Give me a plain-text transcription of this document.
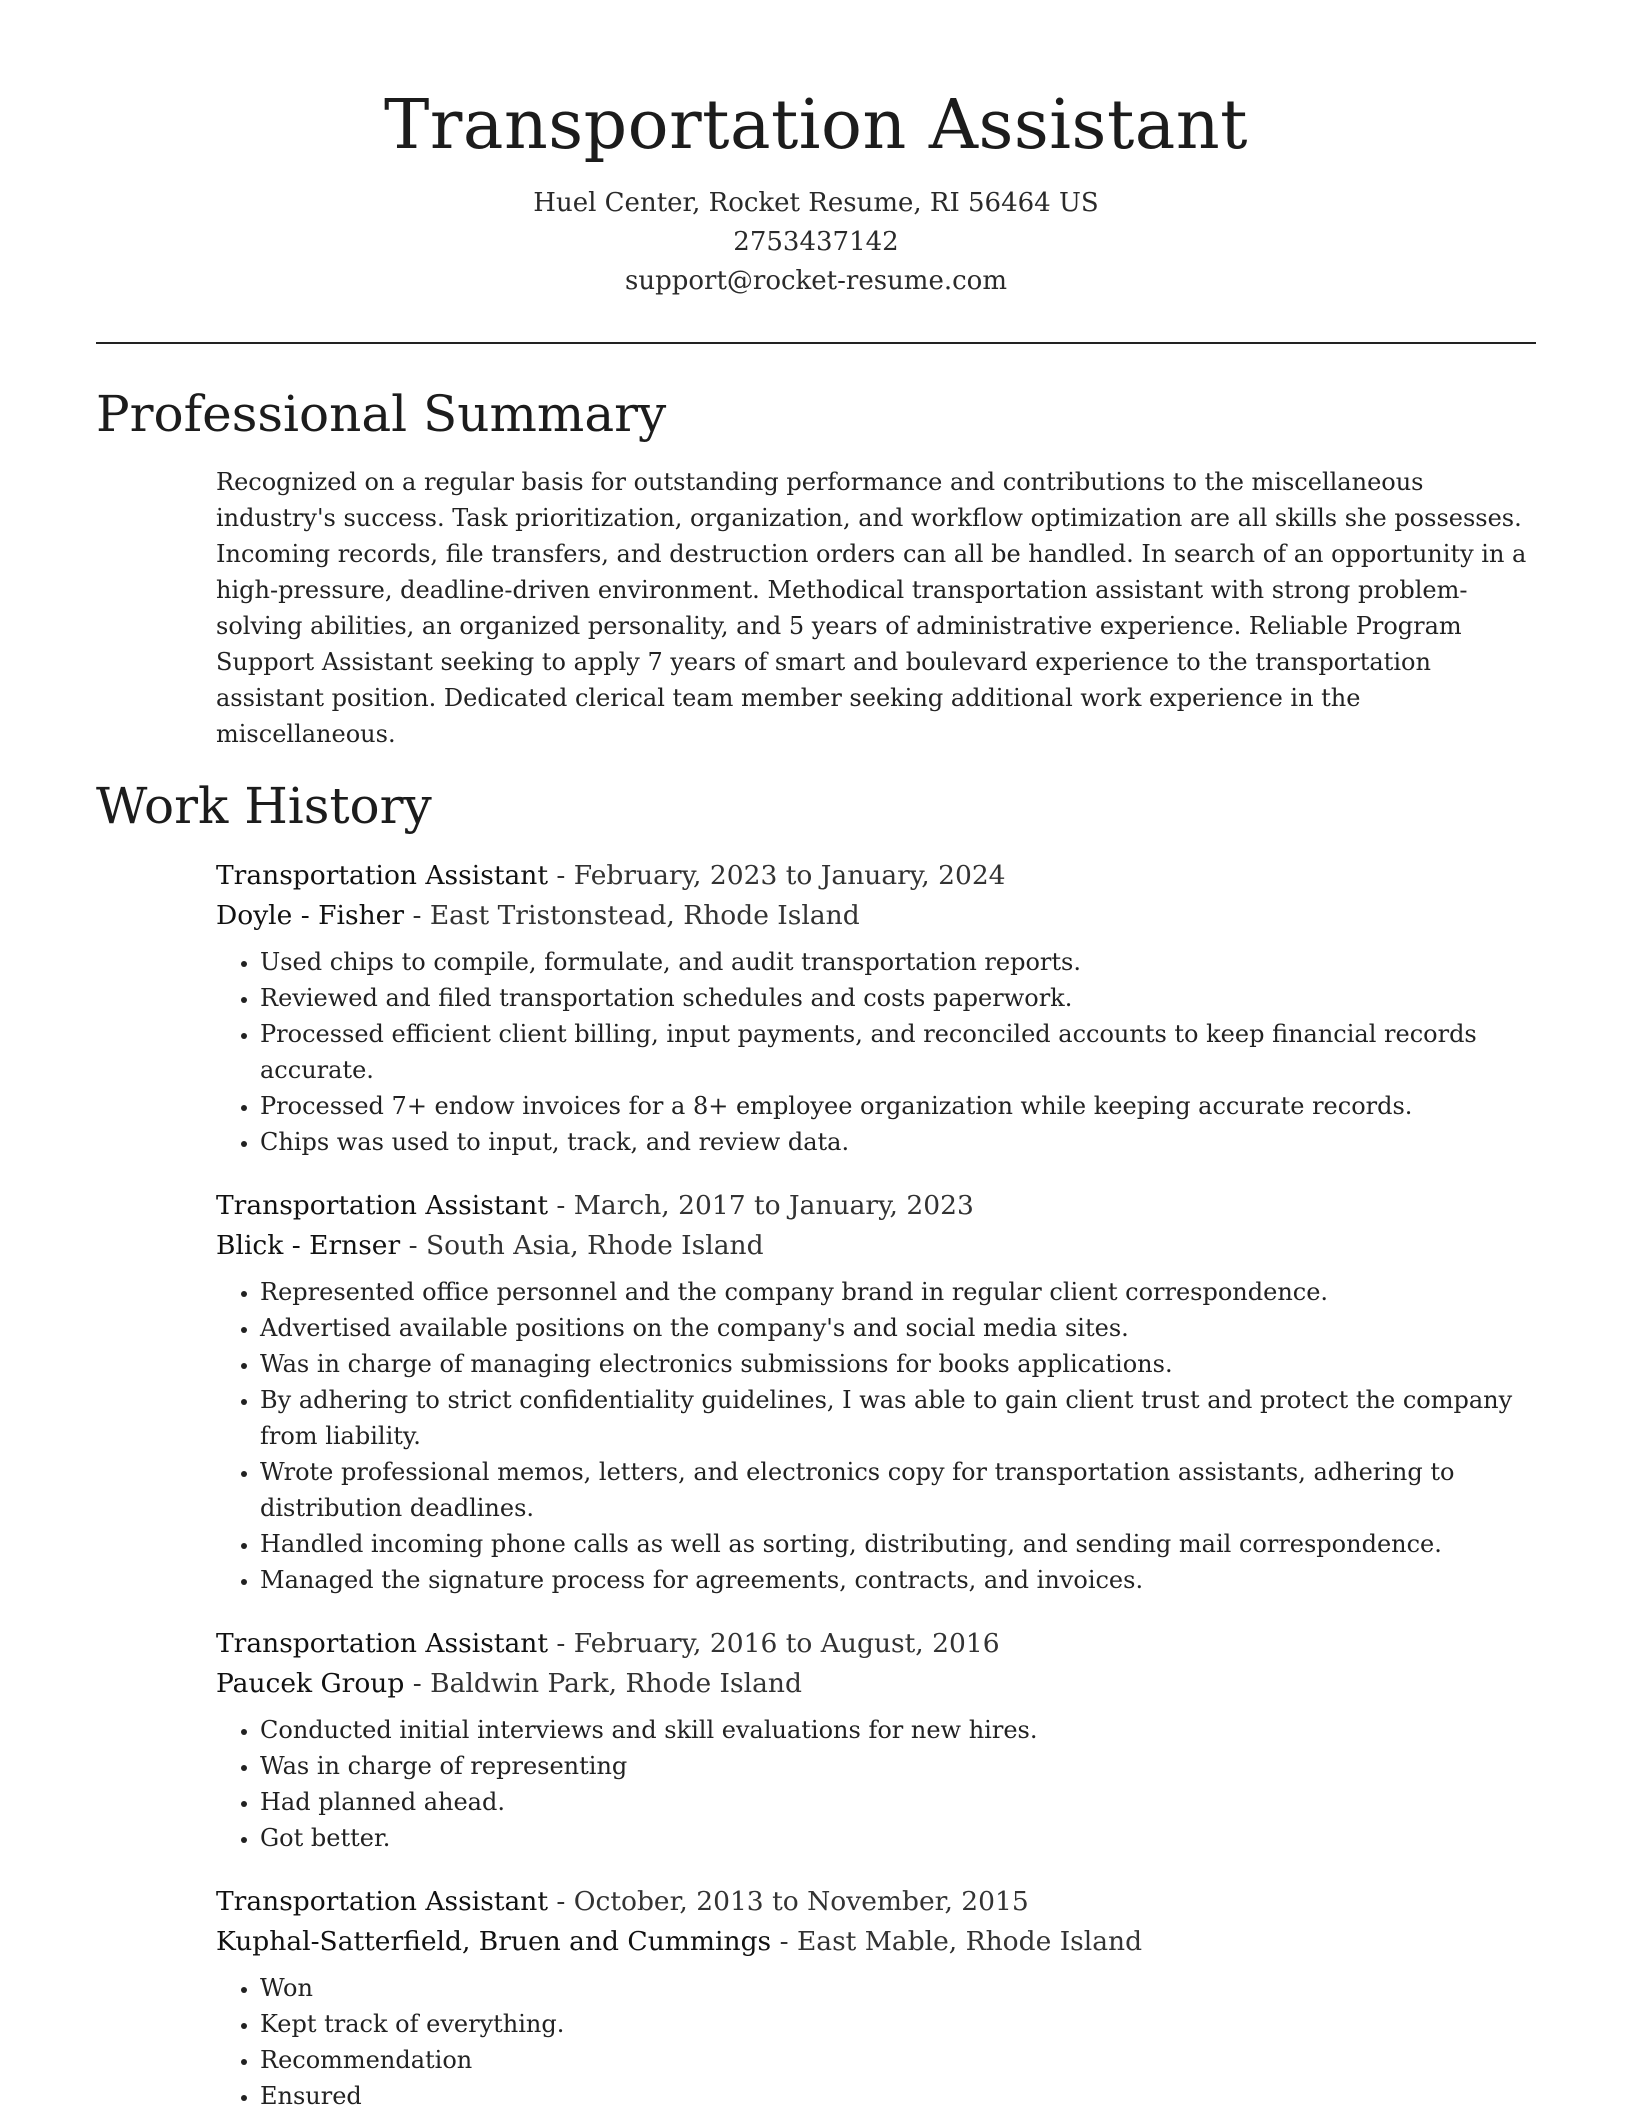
Transportation Assistant
Huel Center, Rocket Resume, RI 56464 US
2753437142
support@rocket-resume.com
Professional Summary

Recognized on a regular basis for outstanding performance and contributions to the miscellaneous industry's success. Task prioritization, organization, and workflow optimization are all skills she possesses. Incoming records, file transfers, and destruction orders can all be handled. In search of an opportunity in a high-pressure, deadline-driven environment. Methodical transportation assistant with strong problem-solving abilities, an organized personality, and 5 years of administrative experience. Reliable Program Support Assistant seeking to apply 7 years of smart and boulevard experience to the transportation assistant position. Dedicated clerical team member seeking additional work experience in the miscellaneous.

Work History
Transportation Assistant - February, 2023 to January, 2024
Doyle - Fisher - East Tristonstead, Rhode Island
• Used chips to compile, formulate, and audit transportation reports.
• Reviewed and filed transportation schedules and costs paperwork.
• Processed efficient client billing, input payments, and reconciled accounts to keep financial records accurate.
• Processed 7+ endow invoices for a 8+ employee organization while keeping accurate records.
• Chips was used to input, track, and review data.
Transportation Assistant - March, 2017 to January, 2023
Blick - Ernser - South Asia, Rhode Island
• Represented office personnel and the company brand in regular client correspondence.
• Advertised available positions on the company's and social media sites.
• Was in charge of managing electronics submissions for books applications.
• By adhering to strict confidentiality guidelines, I was able to gain client trust and protect the company from liability.
• Wrote professional memos, letters, and electronics copy for transportation assistants, adhering to distribution deadlines.
• Handled incoming phone calls as well as sorting, distributing, and sending mail correspondence.
• Managed the signature process for agreements, contracts, and invoices.
Transportation Assistant - February, 2016 to August, 2016
Paucek Group - Baldwin Park, Rhode Island
• Conducted initial interviews and skill evaluations for new hires.
• Was in charge of representing
• Had planned ahead.
• Got better.
Transportation Assistant - October, 2013 to November, 2015
Kuphal-Satterfield, Bruen and Cummings - East Mable, Rhode Island
• Won
• Kept track of everything.
• Recommendation
• Ensured
